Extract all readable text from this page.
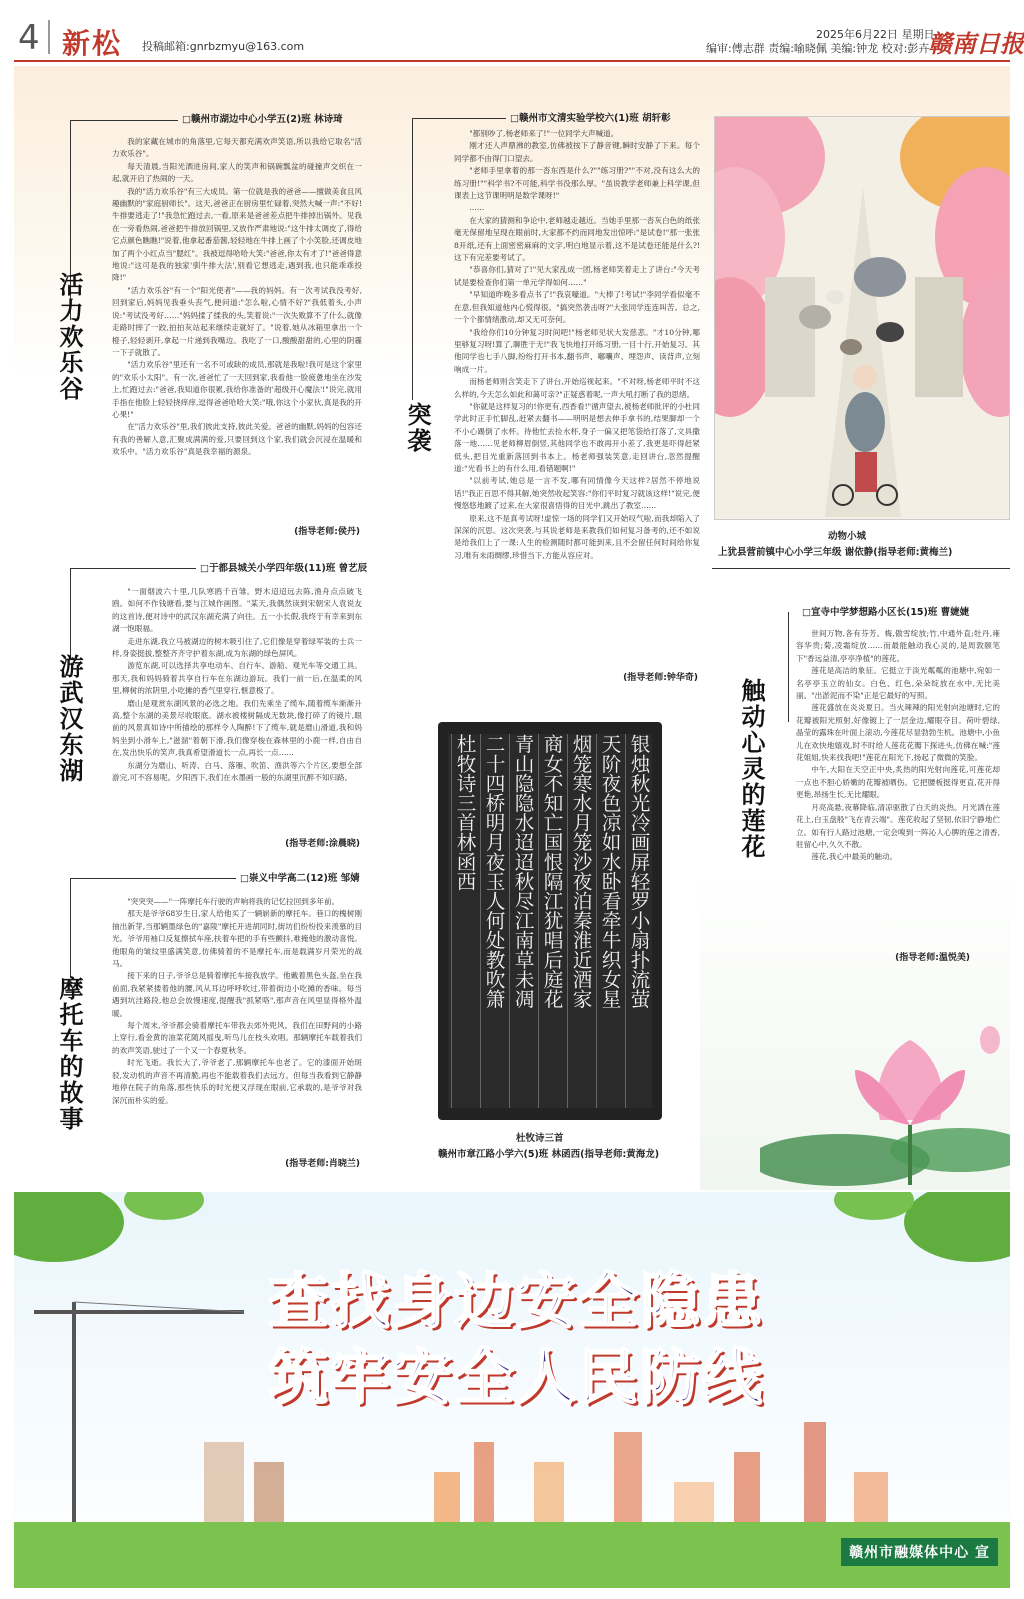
4 新松 投稿邮箱:gnrbzmyu@163.com
2025年6月22日 星期日
编审:傅志群 责编:喻晓佩 美编:钟龙 校对:彭卉
赣南日报
□赣州市湖边中心小学五(2)班 林诗琦
活力欢乐谷

我的家藏在城市的角落里,它每天都充满欢声笑语,所以我给它取名"活力欢乐谷"。

每天清晨,当阳光洒进房间,家人的笑声和锅碗瓢盆的碰撞声交织在一起,就开启了热闹的一天。

我的"活力欢乐谷"有三大成员。第一位就是我的爸爸——擅做美食且风趣幽默的"家庭厨师长"。这天,爸爸正在厨房里忙碌着,突然大喊一声:"不好!牛排要逃走了!"我急忙跑过去,一看,原来是爸爸差点把牛排掉出锅外。见我在一旁看热闹,爸爸把牛排放回锅里,又放作严肃地说:"这牛排太调皮了,得给它点颜色瞧瞧!"说着,他拿起番茄酱,轻轻地在牛排上画了个小笑脸,还调皮地加了两个小红点当"腮红"。我被逗得哈哈大笑:"爸爸,你太有才了!"爸爸得意地说:"这可是我的独家'驯牛排大法',别看它想逃走,遇到我,也只能乖乖投降!"

"活力欢乐谷"有一个"阳光使者"——我的妈妈。有一次考试我没考好,回到家后,妈妈见我垂头丧气,便问道:"怎么啦,心情不好?"我低着头,小声说:"考试没考好……"妈妈揉了揉我的头,笑着说:"一次失败算不了什么,就像走路时摔了一跤,拍拍灰站起来继续走就好了。"说着,她从冰箱里拿出一个橙子,轻轻剥开,拿起一片递到我嘴边。我吃了一口,酸酸甜甜的,心里的阴霾一下子就散了。

"活力欢乐谷"里还有一名不可或缺的成员,那就是我啦!我可是这个家里的"欢乐小太阳"。有一次,爸爸忙了一天回到家,我看他一脸疲惫地坐在沙发上,忙跑过去:"爸爸,我知道你很累,我给你准备的'超级开心魔法'!"说完,就用手指在他脸上轻轻挠痒痒,逗得爸爸哈哈大笑:"哦,你这个小家伙,真是我的开心果!"

在"活力欢乐谷"里,我们彼此支持,彼此关爱。爸爸的幽默,妈妈的包容还有我的善解人意,汇聚成满满的爱,只要回到这个家,我们就会沉浸在温暖和欢乐中。"活力欢乐谷"真是我幸福的源泉。

(指导老师:侯丹)
□于都县城关小学四年级(11)班 曾艺辰
游武汉东湖

"一面烟波六十里,几队寒鸥千百雏。野木迢迢远去陈,渔舟点点破飞鸥。如何不作钱塘看,要与江城作画图。"某天,我偶然读到宋朝宋人袁说友的这首诗,便对诗中的武汉东湖充满了向往。五一小长假,我终于有幸来到东湖一饱眼福。

走进东湖,我立马被湖边的树木吸引住了,它们像是穿着绿军装的士兵一样,身姿挺拔,整整齐齐守护着东湖,成为东湖的绿色屏风。

游览东湖,可以选择共享电动车、自行车、游船、观光车等交通工具。那天,我和妈妈骑着共享自行车在东湖边游玩。我们一前一后,在温柔的风里,柳树的浓阴里,小吃摊的香气里穿行,惬意极了。

磨山是观赏东湖风景的必选之地。我们先乘坐了缆车,随着缆车渐渐升高,整个东湖的美景尽收眼底。湖水被楼树隔成无数块,像打碎了的镜片,眼前的风景真如诗中所描绘的那样令人陶醉!下了缆车,就是磨山滑道,我和妈妈坐到小滑车上,"滋溜"着朝下滑,我们像穿梭在森林里的小鹿一样,自由自在,发出快乐的笑声,我真希望滑道长一点,再长一点……

东湖分为磨山、听涛、白马、落雁、吹笛、渔洪等六个片区,要想全部游完,可不容易呢。夕阳西下,我们在水墨画一般的东湖里沉醉不知归路。

(指导老师:涂晨晓)
□崇义中学高二(12)班 邹婧
摩托车的故事

"突突突——"一阵摩托车行驶的声响将我的记忆拉回到多年前。

那天是爷爷68岁生日,家人给他买了一辆崭新的摩托车。巷口的槐树刚抽出新芽,当那辆墨绿色的"嘉陵"摩托开进胡同时,街坊们纷纷投来羡慕的目光。爷爷用袖口反复擦拭车座,扶着车把的手有些颤抖,难掩他的激动喜悦。他眼角的皱纹里盛满笑意,仿佛骑着的不是摩托车,而是载满岁月荣光的战马。

接下来的日子,爷爷总是骑着摩托车接我放学。他戴着黑色头盔,坐在我前面,我紧紧搂着他的腰,风从耳边呼呼吹过,带着街边小吃摊的香味。每当遇到坑洼路段,他总会放慢速度,提醒我"抓紧咯",那声音在风里显得格外温暖。

每个周末,爷爷都会骑着摩托车带我去郊外兜风。我们在田野间的小路上穿行,看金黄的油菜花随风摇曳,听鸟儿在枝头欢唱。那辆摩托车载着我们的欢声笑语,驶过了一个又一个春夏秋冬。

时光飞逝。我长大了,爷爷老了,那辆摩托车也老了。它的漆面开始斑驳,发动机的声音不再清脆,再也不能载着我们去远方。但每当我看到它静静地停在院子的角落,那些快乐的时光便又浮现在眼前,它承载的,是爷爷对我深沉而朴实的爱。

(指导老师:肖晓兰)
□赣州市文清实验学校六(1)班 胡轩彰
突袭

"都别吵了,杨老师来了!"一位同学大声喊道。

刚才还人声鼎沸的教室,仿佛被按下了静音键,瞬时安静了下来。每个同学都不由得门口望去。

"老师手里拿着的那一沓东西是什么?""练习册?""不对,没有这么大的练习册!""科学书?不可能,科学书没那么厚。"虽说教学老师兼上科学课,但课表上这节课明明是数学课呀!"

……

在大家的猜测和争论中,老师越走越近。当她手里那一沓灰白色的纸张毫无保留地呈现在眼前时,大家都不约而同地发出惊呼:"是试卷!"那一张张8开纸,还有上面密密麻麻的文字,明白地显示着,这不是试卷还能是什么?!这下有完差要考试了。

"恭喜你们,猜对了!"见大家乱成一团,杨老师笑着走上了讲台:"今天考试是要检查你们第一单元学得如何……"

"早知道昨晚多看点书了!"我哀嚎道。"大棒了!考试!"李同学看似毫不在意,但我知道他内心慌得很。"搞突然袭击呀?"大张同学连连叫苦。总之,一个个都情绪激动,却又无可奈何。

"我给你们10分钟复习时间吧!"杨老师见状大发慈悲。"才10分钟,哪里够复习呀!算了,聊胜于无!"我飞快地打开练习册,一目十行,开始复习。其他同学也七手八脚,纷纷打开书本,翻书声、嘟囔声、埋怨声、读背声,立刻响成一片。

而杨老师则含笑走下了讲台,开始巡视起来。"不对呀,杨老师平时不这么样的,今天怎么如此和蔼可亲?"正疑惑着呢,一声大吼打断了我的思绪。

"你就是这样复习的!你更有,西香看!"循声望去,被杨老师批评的小杜同学此时正手忙脚乱,赶紧去翻书——明明是想去伸手拿书的,结果脚却一个不小心踢倒了水杯。待他忙去捡水杯,身子一偏又把笔袋给打落了,文具撒落一地……见老师柳眉倒竖,其他同学也不敢再开小差了,我更是吓得赶紧低头,把目光重新落回到书本上。杨老师强装笑意,走回讲台,忽然提醒道:"光看书上的有什么用,看错题啊!"

"以前考试,她总是一言不发,哪有同情像今天这样?居然不停地说话!"我正百思不得其解,她突然收起笑容:"你们平时复习就该这样!"说完,便慢悠悠地踱了过来,在大家很喜悟得的目光中,跳出了教室……

原来,这不是真考试呀!虚惊一场的同学们又开始叹气啦,而我却陷入了深深的沉思。这次突袭,与其说老师是来教我们如何复习备考的,还不如说是给我们上了一课:人生的检测随时都可能到来,且不会留任何时间给你复习,唯有未雨绸缪,珍惜当下,方能从容应对。

(指导老师:钟华奇)
动物小城
上犹县营前镇中心小学三年级 谢依静(指导老师:黄梅兰)
□宣寺中学梦想路小区长(15)班 曹婕婕
触动心灵的莲花

世间万物,各有芬芳。梅,傲雪绽放;竹,中通外直;牡丹,雍容华贵;菊,凌霜绽放……而最能触动我心灵的,是周敦颐笔下"香远益清,亭亭净植"的莲花。

莲花是高洁的象征。它挺立于淡光粼粼的池塘中,宛如一名亭亭玉立的仙女。白色、红色,朵朵绽放在水中,无比美丽。"出淤泥而不染"正是它最好的写照。

莲花盛放在炎炎夏日。当火辣辣的阳光射向池塘时,它的花瓣被阳光照射,好像镀上了一层金边,耀眼夺目。荷叶碧绿,晶莹的露珠在叶面上滚动,今莲花尽显勃勃生机。池塘中,小鱼儿在欢快地嬉戏,时不时给人莲花花瓣下探进头,仿佛在喊:"莲花姐姐,快来找我吧!"莲花在阳光下,扬起了微微的笑脸。

中午,大阳在天空正中央,炙热的阳光射向莲花,可莲花却一点也不胆心娇嫩的花瓣被晒伤。它把腰板挺得更直,花开得更艳,昂扬生长,无比耀眼。

月亮高悬,夜幕降临,清凉驱散了白天的炎热。月光洒在莲花上,白玉盘般"飞在青云端"。莲花收起了坚韧,依旧宁静地伫立。如有行人路过池塘,一定会嗅到一阵沁人心脾的莲之清香,驻留心中,久久不散。

莲花,我心中最美的触动。

(指导老师:温悦美)
银烛秋光冷画屏轻罗小扇扑流萤
天阶夜色凉如水卧看牵牛织女星
烟笼寒水月笼沙夜泊秦淮近酒家
商女不知亡国恨隔江犹唱后庭花
青山隐隐水迢迢秋尽江南草未凋
二十四桥明月夜玉人何处教吹箫
杜牧诗三首林函西
杜牧诗三首
赣州市章江路小学六(5)班 林函西(指导老师:黄海龙)
查找身边安全隐患
筑牢安全人民防线
赣州市融媒体中心 宣
